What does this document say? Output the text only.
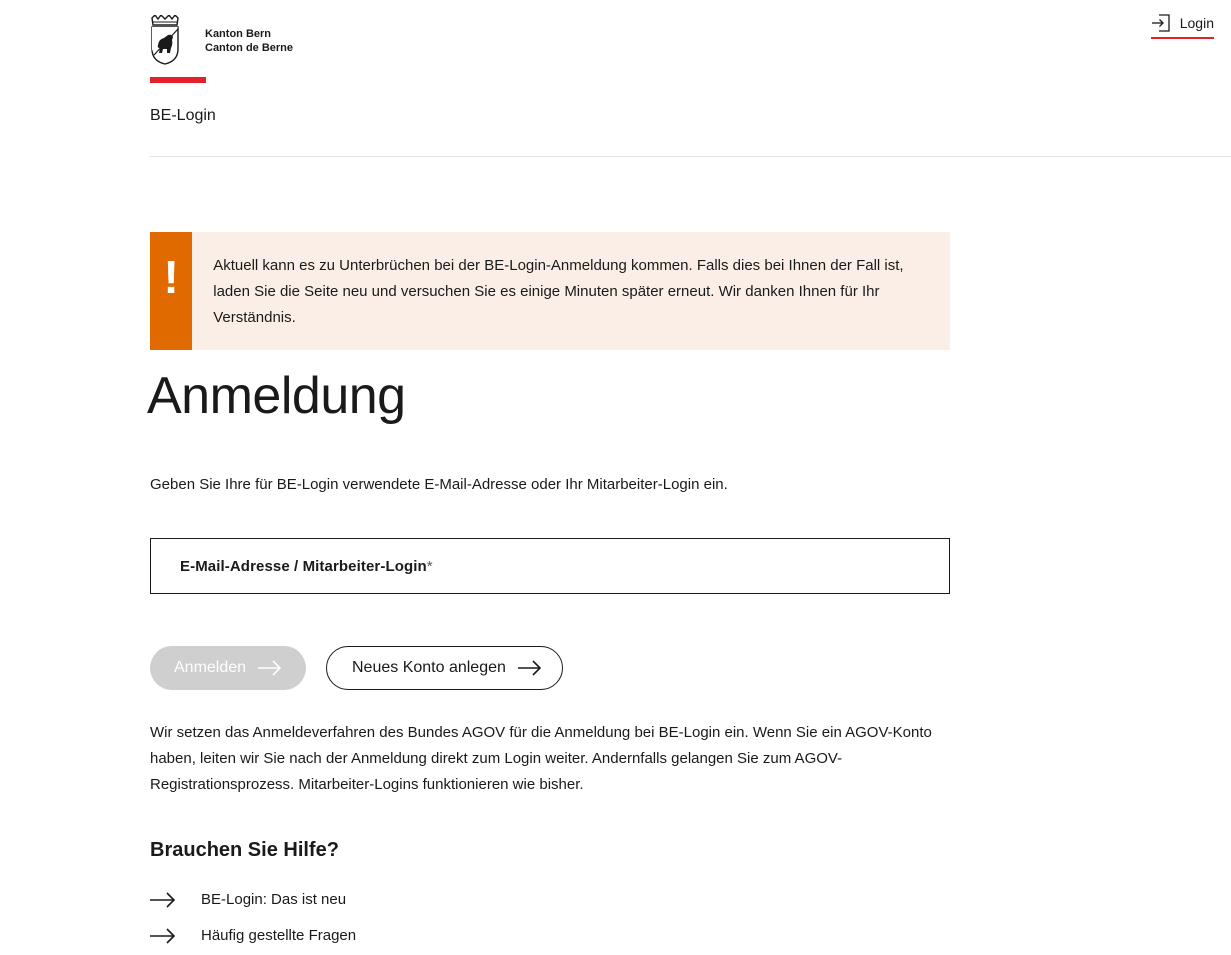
Kanton Bern
Canton de Berne
BE-Login
Login
!	Aktuell kann es zu Unterbrüchen bei der BE-Login-Anmeldung kommen. Falls dies bei Ihnen der Fall ist, laden Sie die Seite neu und versuchen Sie es einige Minuten später erneut. Wir danken Ihnen für Ihr Verständnis.
Anmeldung

Geben Sie Ihre für BE-Login verwendete E-Mail-Adresse oder Ihr Mitarbeiter-Login ein.

E-Mail-Adresse / Mitarbeiter-Login*
Anmelden	Neues Konto anlegen

Wir setzen das Anmeldeverfahren des Bundes AGOV für die Anmeldung bei BE-Login ein. Wenn Sie ein AGOV-Konto haben, leiten wir Sie nach der Anmeldung direkt zum Login weiter. Andernfalls gelangen Sie zum AGOV-Registrationsprozess. Mitarbeiter-Logins funktionieren wie bisher.

Brauchen Sie Hilfe?
BE-Login: Das ist neu
Häufig gestellte Fragen
